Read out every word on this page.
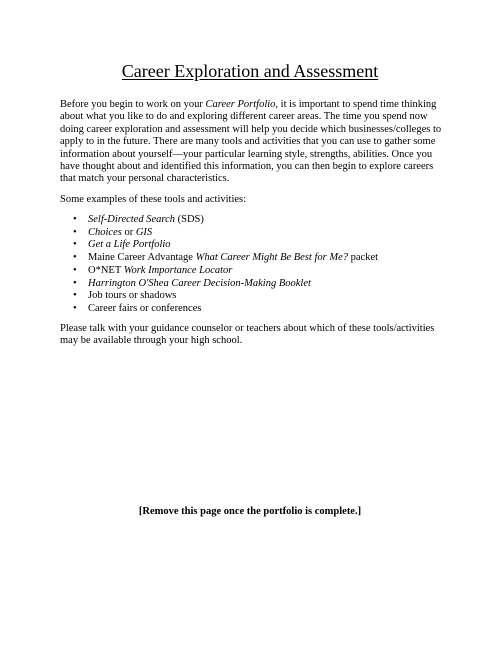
Career Exploration and Assessment

Before you begin to work on your Career Portfolio, it is important to spend time thinking about what you like to do and exploring different career areas. The time you spend now doing career exploration and assessment will help you decide which businesses/colleges to apply to in the future. There are many tools and activities that you can use to gather some information about yourself—your particular learning style, strengths, abilities. Once you have thought about and identified this information, you can then begin to explore careers that match your personal characteristics.

Some examples of these tools and activities:

• Self-Directed Search (SDS)
• Choices or GIS
• Get a Life Portfolio
• Maine Career Advantage What Career Might Be Best for Me? packet
• O*NET Work Importance Locator
• Harrington O'Shea Career Decision-Making Booklet
• Job tours or shadows
• Career fairs or conferences

Please talk with your guidance counselor or teachers about which of these tools/activities may be available through your high school.

[Remove this page once the portfolio is complete.]
